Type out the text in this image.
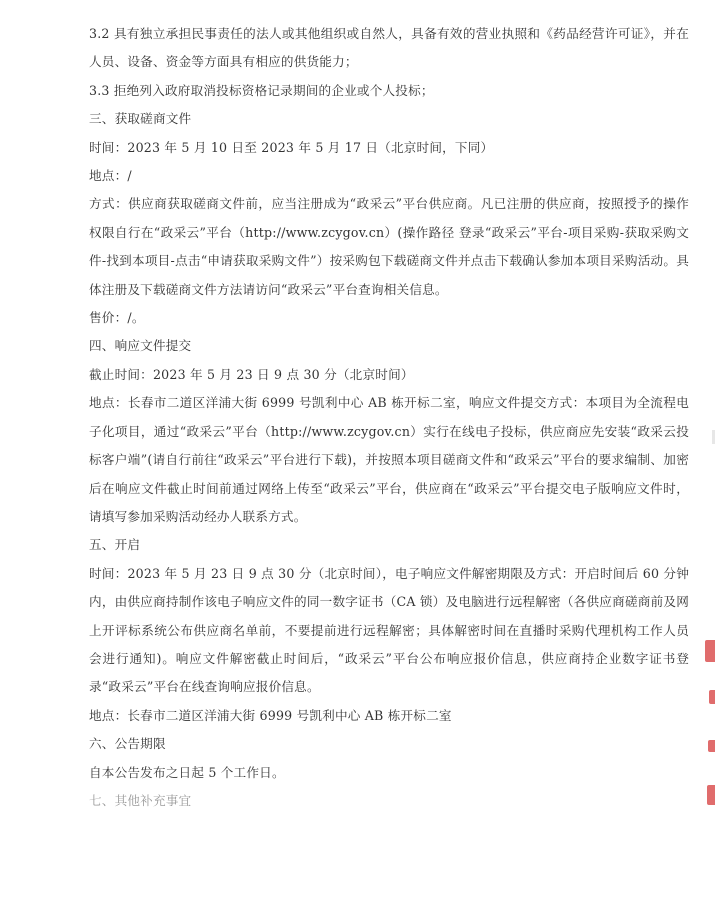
3.2 具有独立承担民事责任的法人或其他组织或自然人，具备有效的营业执照和《药品经营许可证》，并在人员、设备、资金等方面具有相应的供货能力；

3.3 拒绝列入政府取消投标资格记录期间的企业或个人投标；

三、获取磋商文件

时间：2023 年 5 月 10 日至 2023 年 5 月 17 日（北京时间，下同）

地点：/

方式：供应商获取磋商文件前，应当注册成为“政采云”平台供应商。凡已注册的供应商，按照授予的操作权限自行在“政采云”平台（http://www.zcygov.cn）(操作路径 登录“政采云”平台-项目采购-获取采购文件-找到本项目-点击“申请获取采购文件”）按采购包下载磋商文件并点击下载确认参加本项目采购活动。具体注册及下载磋商文件方法请访问“政采云”平台查询相关信息。

售价：/。

四、响应文件提交

截止时间：2023 年 5 月 23 日 9 点 30 分（北京时间）

地点：长春市二道区洋浦大街 6999 号凯利中心 AB 栋开标二室，响应文件提交方式：本项目为全流程电子化项目，通过“政采云”平台（http://www.zcygov.cn）实行在线电子投标，供应商应先安装“政采云投标客户端”(请自行前往“政采云”平台进行下载)，并按照本项目磋商文件和“政采云”平台的要求编制、加密后在响应文件截止时间前通过网络上传至“政采云”平台，供应商在“政采云”平台提交电子版响应文件时，请填写参加采购活动经办人联系方式。

五、开启

时间：2023 年 5 月 23 日 9 点 30 分（北京时间），电子响应文件解密期限及方式：开启时间后 60 分钟内，由供应商持制作该电子响应文件的同一数字证书（CA 锁）及电脑进行远程解密（各供应商磋商前及网上开评标系统公布供应商名单前，不要提前进行远程解密；具体解密时间在直播时采购代理机构工作人员会进行通知)。响应文件解密截止时间后，“政采云”平台公布响应报价信息，供应商持企业数字证书登录“政采云”平台在线查询响应报价信息。

地点：长春市二道区洋浦大街 6999 号凯利中心 AB 栋开标二室

六、公告期限

自本公告发布之日起 5 个工作日。

七、其他补充事宜
